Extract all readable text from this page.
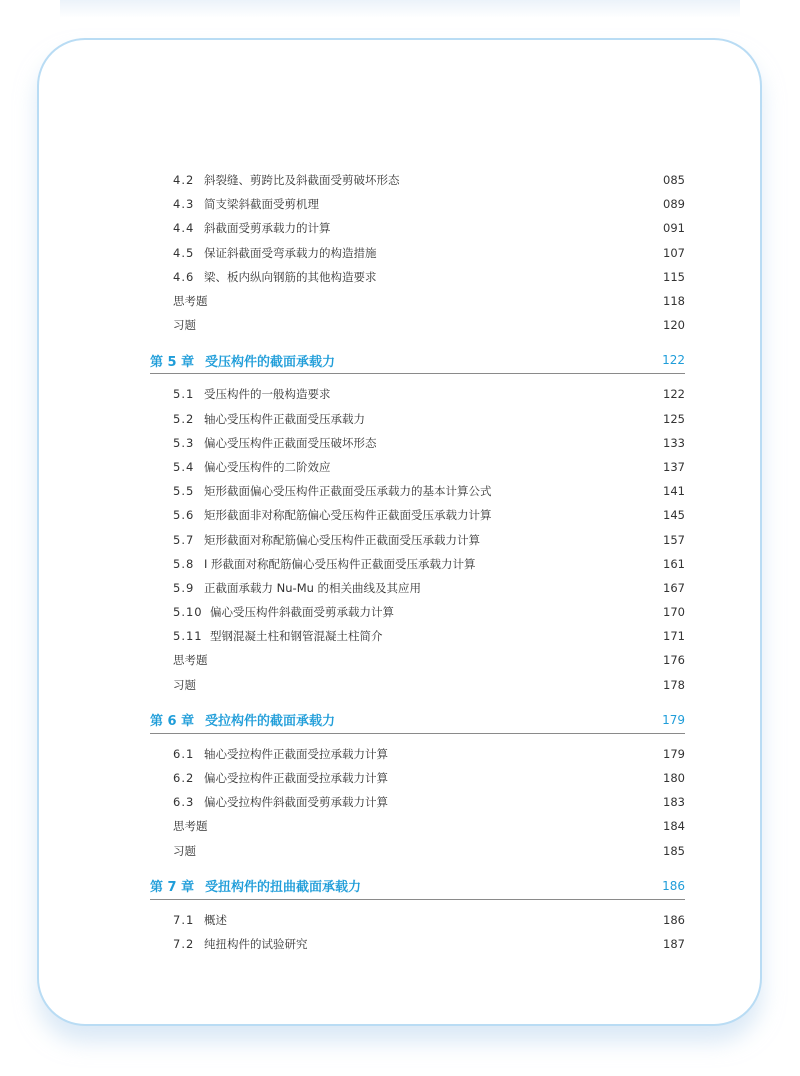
4.2 斜裂缝、剪跨比及斜截面受剪破坏形态	085
4.3 简支梁斜截面受剪机理	089
4.4 斜截面受剪承载力的计算	091
4.5 保证斜截面受弯承载力的构造措施	107
4.6 梁、板内纵向钢筋的其他构造要求	115
思考题	118
习题	120
第 5 章 受压构件的截面承载力	122
5.1 受压构件的一般构造要求	122
5.2 轴心受压构件正截面受压承载力	125
5.3 偏心受压构件正截面受压破坏形态	133
5.4 偏心受压构件的二阶效应	137
5.5 矩形截面偏心受压构件正截面受压承载力的基本计算公式	141
5.6 矩形截面非对称配筋偏心受压构件正截面受压承载力计算	145
5.7 矩形截面对称配筋偏心受压构件正截面受压承载力计算	157
5.8 I 形截面对称配筋偏心受压构件正截面受压承载力计算	161
5.9 正截面承载力 Nu-Mu 的相关曲线及其应用	167
5.10 偏心受压构件斜截面受剪承载力计算	170
5.11 型钢混凝土柱和钢管混凝土柱简介	171
思考题	176
习题	178
第 6 章 受拉构件的截面承载力	179
6.1 轴心受拉构件正截面受拉承载力计算	179
6.2 偏心受拉构件正截面受拉承载力计算	180
6.3 偏心受拉构件斜截面受剪承载力计算	183
思考题	184
习题	185
第 7 章 受扭构件的扭曲截面承载力	186
7.1 概述	186
7.2 纯扭构件的试验研究	187
